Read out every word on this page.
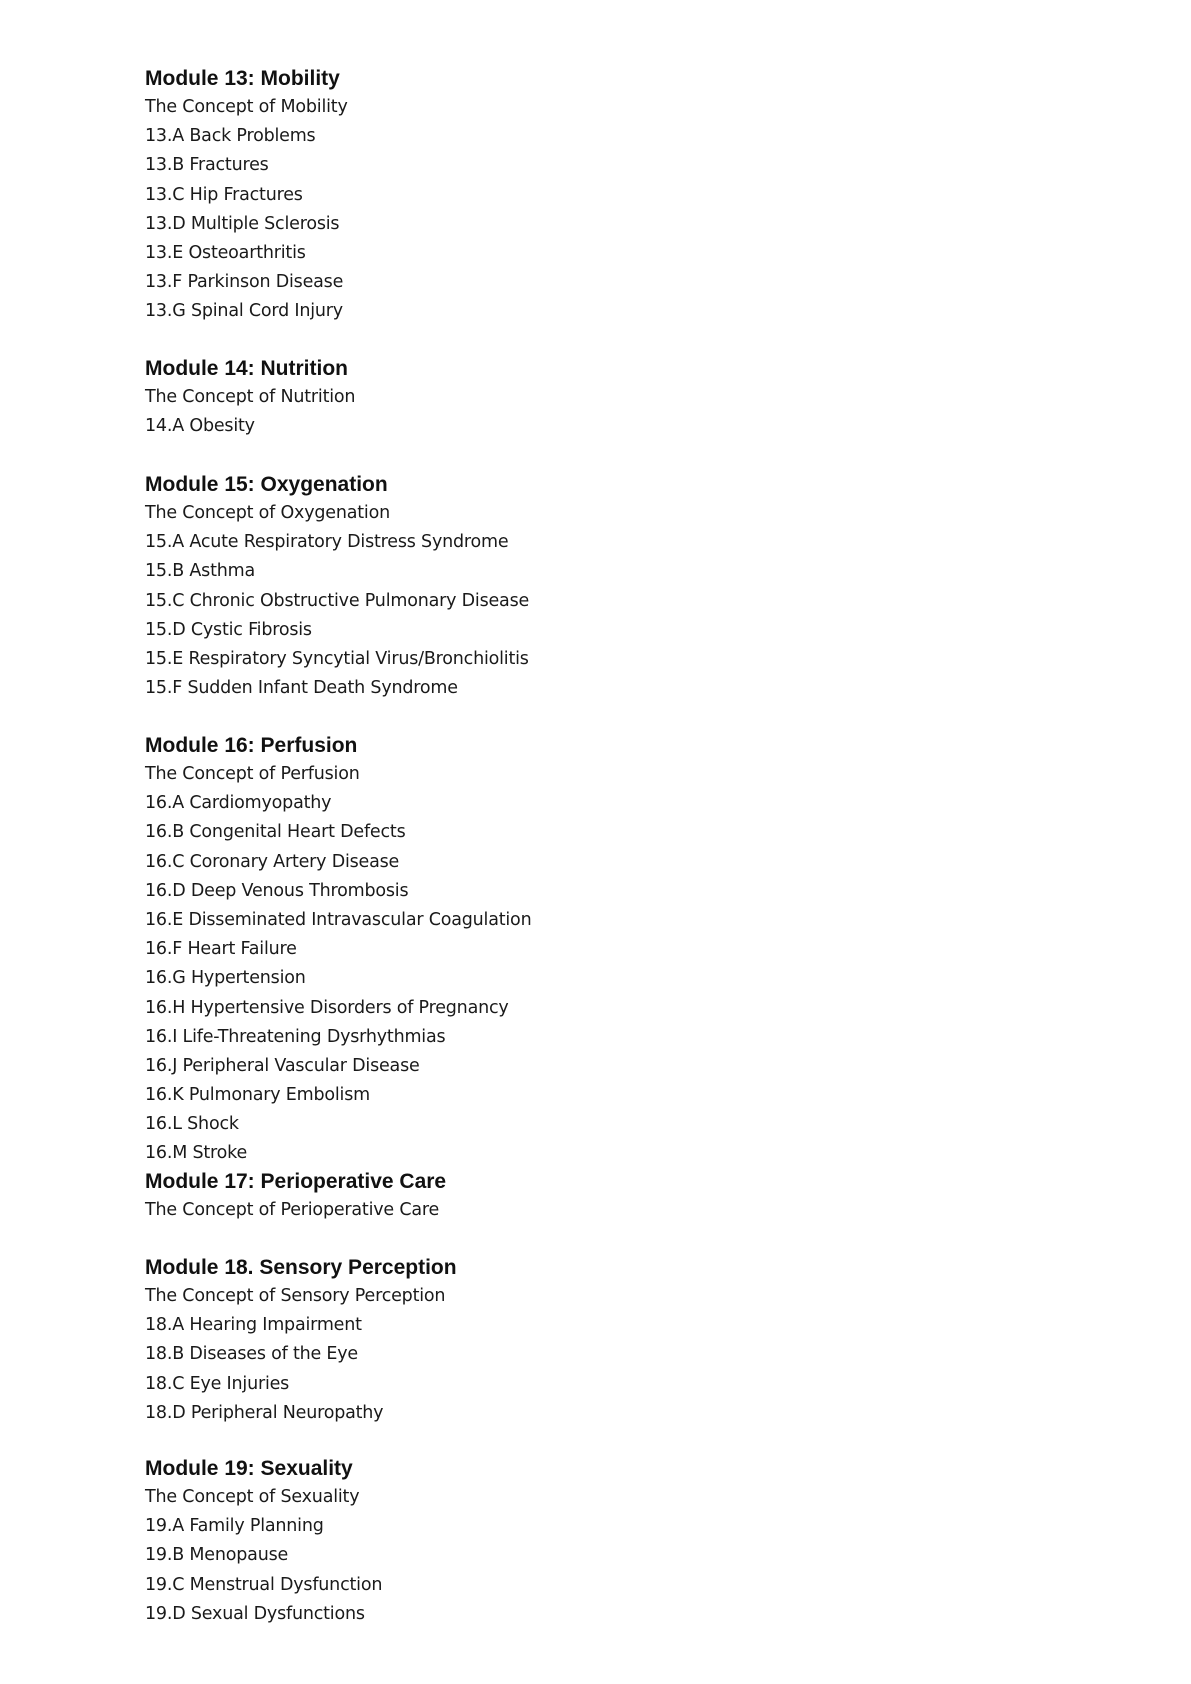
Module 13: Mobility
The Concept of Mobility
13.A Back Problems
13.B Fractures
13.C Hip Fractures
13.D Multiple Sclerosis
13.E Osteoarthritis
13.F Parkinson Disease
13.G Spinal Cord Injury
Module 14: Nutrition
The Concept of Nutrition
14.A Obesity
Module 15: Oxygenation
The Concept of Oxygenation
15.A Acute Respiratory Distress Syndrome
15.B Asthma
15.C Chronic Obstructive Pulmonary Disease
15.D Cystic Fibrosis
15.E Respiratory Syncytial Virus/Bronchiolitis
15.F Sudden Infant Death Syndrome
Module 16: Perfusion
The Concept of Perfusion
16.A Cardiomyopathy
16.B Congenital Heart Defects
16.C Coronary Artery Disease
16.D Deep Venous Thrombosis
16.E Disseminated Intravascular Coagulation
16.F Heart Failure
16.G Hypertension
16.H Hypertensive Disorders of Pregnancy
16.I Life-Threatening Dysrhythmias
16.J Peripheral Vascular Disease
16.K Pulmonary Embolism
16.L Shock
16.M Stroke
Module 17: Perioperative Care
The Concept of Perioperative Care
Module 18. Sensory Perception
The Concept of Sensory Perception
18.A Hearing Impairment
18.B Diseases of the Eye
18.C Eye Injuries
18.D Peripheral Neuropathy
Module 19: Sexuality
The Concept of Sexuality
19.A Family Planning
19.B Menopause
19.C Menstrual Dysfunction
19.D Sexual Dysfunctions
